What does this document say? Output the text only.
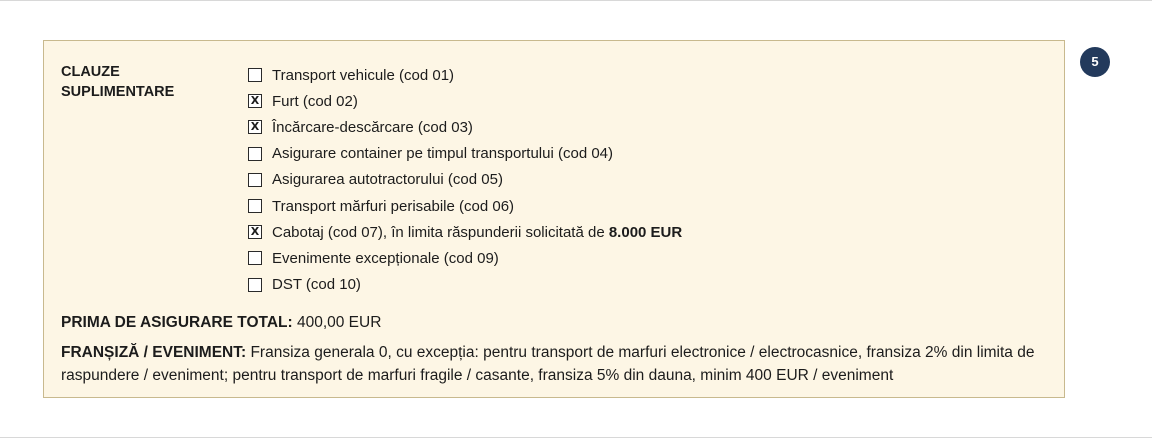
CLAUZE
SUPLIMENTARE
Transport vehicule (cod 01)
X Furt (cod 02)
X Încărcare-descărcare (cod 03)
Asigurare container pe timpul transportului (cod 04)
Asigurarea autotractorului (cod 05)
Transport mărfuri perisabile (cod 06)
X Cabotaj (cod 07), în limita răspunderii solicitată de 8.000 EUR
Evenimente excepționale (cod 09)
DST (cod 10)
PRIMA DE ASIGURARE TOTAL: 400,00 EUR
FRANȘIZĂ / EVENIMENT: Fransiza generala 0, cu excepția: pentru transport de marfuri electronice / electrocasnice, fransiza 2% din limita de raspundere / eveniment; pentru transport de marfuri fragile / casante, fransiza 5% din dauna, minim 400 EUR / eveniment
5
